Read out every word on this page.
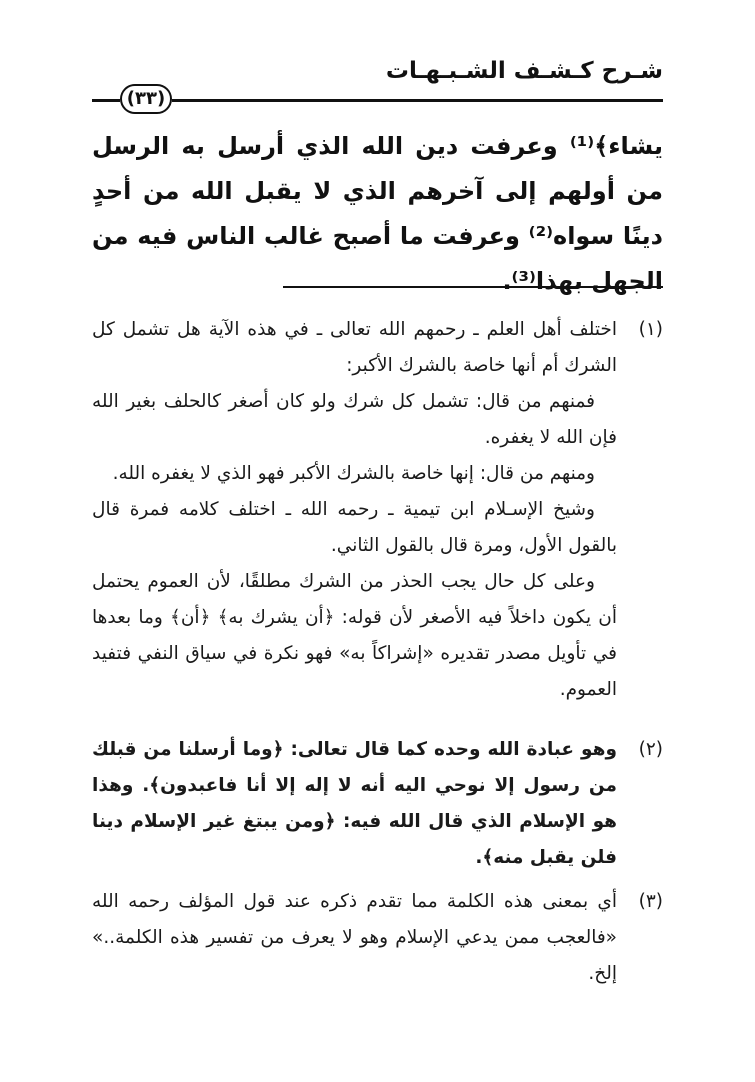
شـرح كـشـف الشـبـهـات
(٣٣)

يشاء﴾⁽¹⁾ وعرفت دين الله الذي أرسل به الرسل من أولهم إلى آخرهم الذي لا يقبل الله من أحدٍ دينًا سواه⁽²⁾ وعرفت ما أصبح غالب الناس فيه من الجهل بهذا⁽³⁾.

(١)

اختلف أهل العلم ـ رحمهم الله تعالى ـ في هذه الآية هل تشمل كل الشرك أم أنها خاصة بالشرك الأكبر:

فمنهم من قال: تشمل كل شرك ولو كان أصغر كالحلف بغير الله فإن الله لا يغفره.

ومنهم من قال: إنها خاصة بالشرك الأكبر فهو الذي لا يغفره الله.

وشيخ الإسـلام ابن تيمية ـ رحمه الله ـ اختلف كلامه فمرة قال بالقول الأول، ومرة قال بالقول الثاني.

وعلى كل حال يجب الحذر من الشرك مطلقًا، لأن العموم يحتمل أن يكون داخلاً فيه الأصغر لأن قوله: ﴿أن يشرك به﴾ ﴿أن﴾ وما بعدها في تأويل مصدر تقديره «إشراكاً به» فهو نكرة في سياق النفي فتفيد العموم.

(٢)

وهو عبادة الله وحده كما قال تعالى: ﴿وما أرسلنا من قبلك من رسول إلا نوحي اليه أنه لا إله إلا أنا فاعبدون﴾. وهذا هو الإسلام الذي قال الله فيه: ﴿ومن يبتغ غير الإسلام دينا فلن يقبل منه﴾.

(٣)

أي بمعنى هذه الكلمة مما تقدم ذكره عند قول المؤلف رحمه الله «فالعجب ممن يدعي الإسلام وهو لا يعرف من تفسير هذه الكلمة..» إلخ.
